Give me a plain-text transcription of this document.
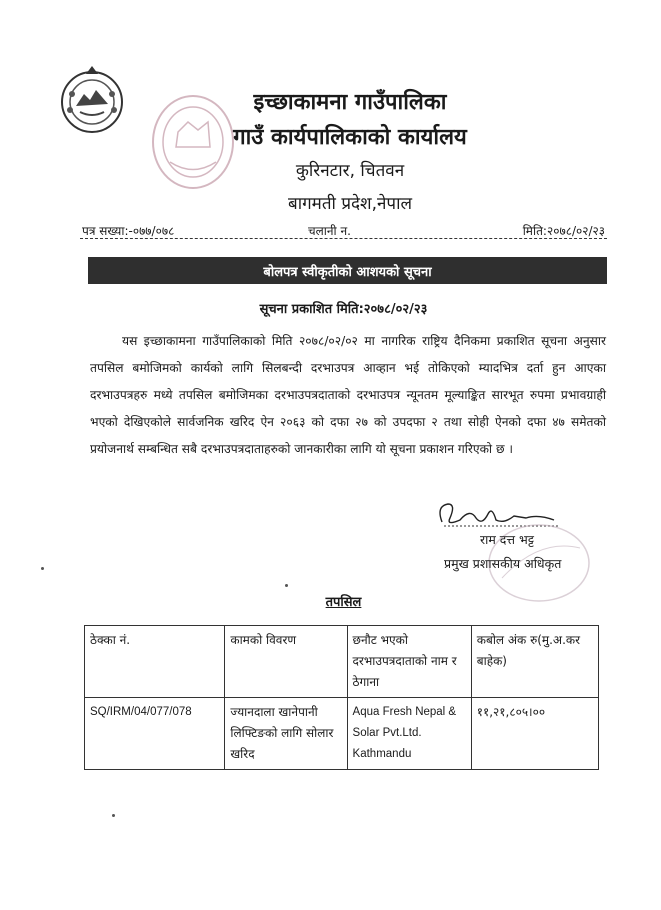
इच्छाकामना गाउँपालिका
गाउँ कार्यपालिकाको कार्यालय
कुरिनटार, चितवन
बागमती प्रदेश,नेपाल
पत्र सख्या:-०७७/०७८	चलानी न.	मिति:२०७८/०२/२३
बोलपत्र स्वीकृतीको आशयको सूचना
सूचना प्रकाशित मिति:२०७८/०२/२३
यस इच्छाकामना गाउँपालिकाको मिति २०७८/०२/०२ मा नागरिक राष्ट्रिय दैनिकमा प्रकाशित सूचना अनुसार तपसिल बमोजिमको कार्यको लागि सिलबन्दी दरभाउपत्र आव्हान भई तोकिएको म्यादभित्र दर्ता हुन आएका दरभाउपत्रहरु मध्ये तपसिल बमोजिमका दरभाउपत्रदाताको दरभाउपत्र न्यूनतम मूल्याङ्कित सारभूत रुपमा प्रभावग्राही भएको देखिएकोले सार्वजनिक खरिद ऐन २०६३ को दफा २७ को उपदफा २ तथा सोही ऐनको दफा ४७ समेतको प्रयोजनार्थ सम्बन्धित सबै दरभाउपत्रदाताहरुको जानकारीका लागि यो सूचना प्रकाशन गरिएको छ ।
राम दत्त भट्ट
प्रमुख प्रशासकीय अधिकृत
तपसिल
ठेक्का नं.	कामको विवरण	छनौट भएको दरभाउपत्रदाताको नाम र ठेगाना	कबोल अंक रु(मु.अ.कर बाहेक)
SQ/IRM/04/077/078	ज्यानदाला खानेपानी लिफ्टिङको लागि सोलार खरिद	Aqua Fresh Nepal & Solar Pvt.Ltd. Kathmandu	११,२१,८०५।००
